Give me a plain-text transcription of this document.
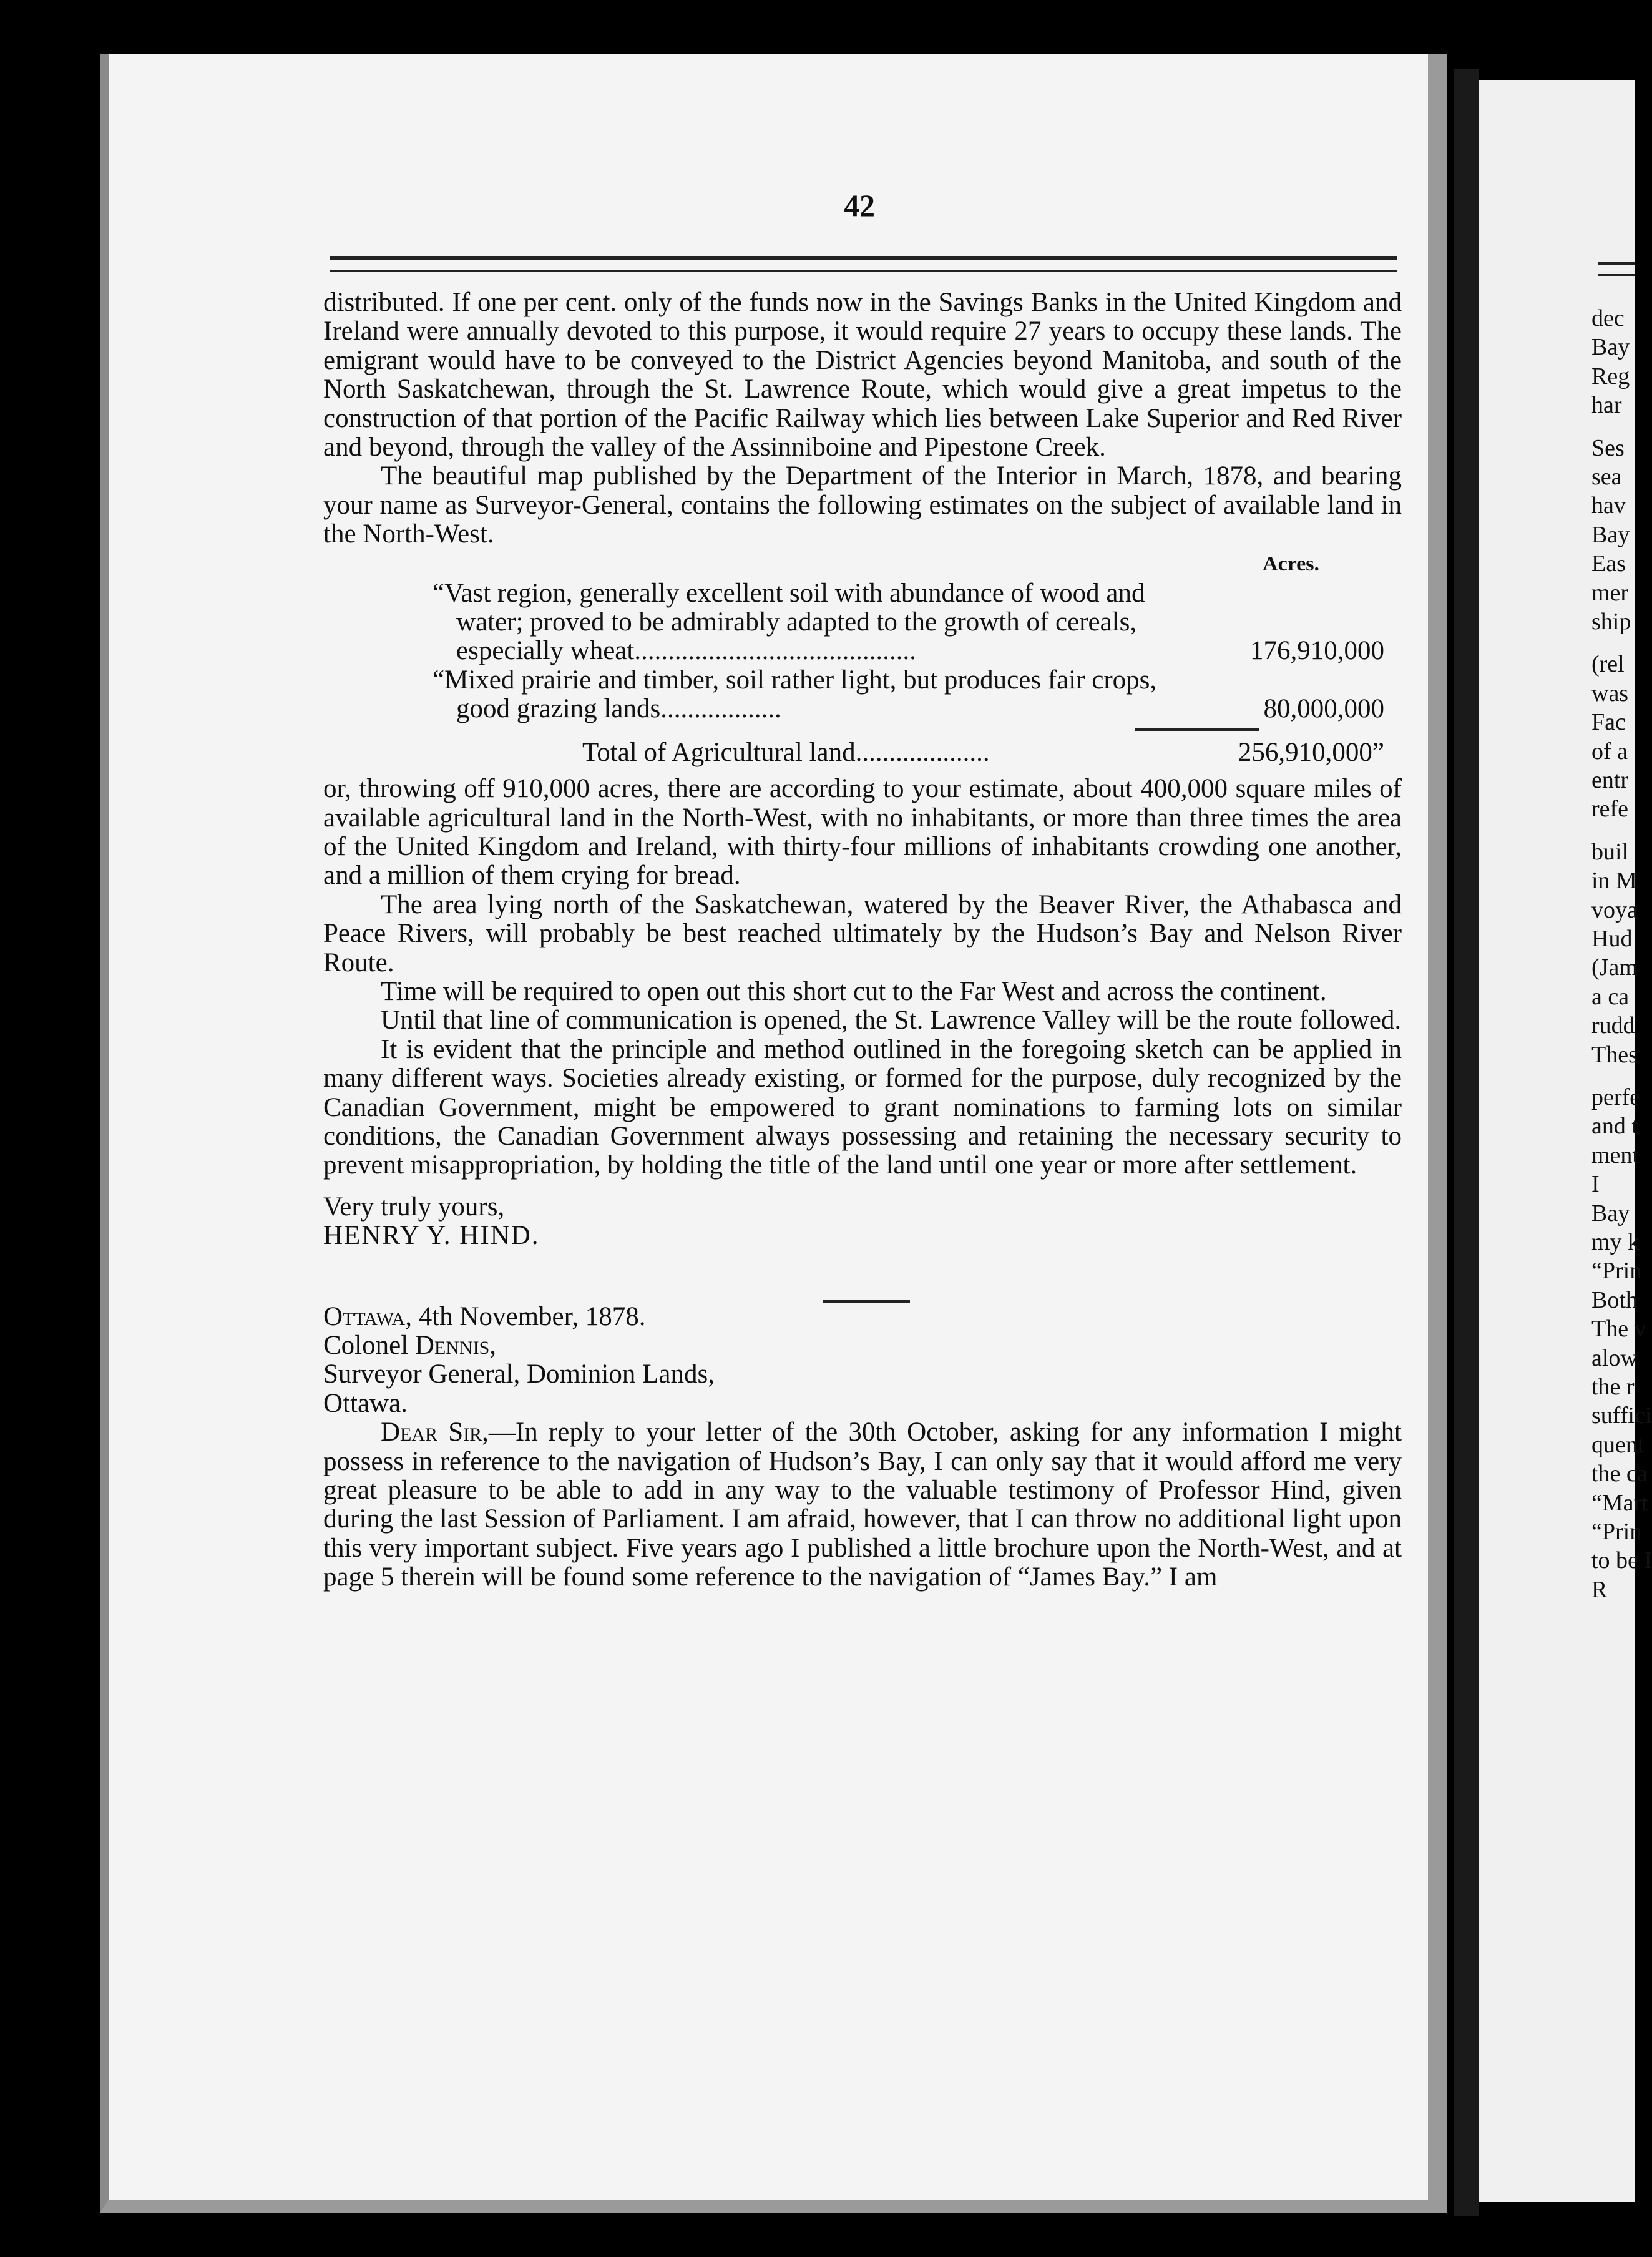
dec
Bay
Reg
har
Ses
sea
hav
Bay
Eas
mer
ship
(rel
was
Fac
of a
entr
refe
buil
in M
voya
Hud
(Jam
a ca
rudd
Thes
perfe
and t
ment
I
Bay
my k
“Prin
Both
The v
alow
the r
suffici
quent
the ca
“Mart
“Prin
to be I
R
42

distributed. If one per cent. only of the funds now in the Savings Banks in the United Kingdom and Ireland were annually devoted to this purpose, it would require 27 years to occupy these lands. The emigrant would have to be conveyed to the District Agencies beyond Manitoba, and south of the North Saskatchewan, through the St. Lawrence Route, which would give a great impetus to the construction of that portion of the Pacific Railway which lies between Lake Superior and Red River and beyond, through the valley of the Assinniboine and Pipestone Creek.

The beautiful map published by the Department of the Interior in March, 1878, and bearing your name as Surveyor-General, contains the following estimates on the subject of available land in the North-West.

Acres.
“Vast region, generally excellent soil with abundance of wood and water; proved to be admirably adapted to the growth of cereals, especially wheat..........................................	176,910,000
“Mixed prairie and timber, soil rather light, but produces fair crops, good grazing lands..................	80,000,000
Total of Agricultural land....................	256,910,000”

or, throwing off 910,000 acres, there are according to your estimate, about 400,000 square miles of available agricultural land in the North-West, with no inhabitants, or more than three times the area of the United Kingdom and Ireland, with thirty-four millions of inhabitants crowding one another, and a million of them crying for bread.

The area lying north of the Saskatchewan, watered by the Beaver River, the Athabasca and Peace Rivers, will probably be best reached ultimately by the Hudson’s Bay and Nelson River Route.

Time will be required to open out this short cut to the Far West and across the continent.

Until that line of communication is opened, the St. Lawrence Valley will be the route followed.

It is evident that the principle and method outlined in the foregoing sketch can be applied in many different ways. Societies already existing, or formed for the purpose, duly recognized by the Canadian Government, might be empowered to grant nominations to farming lots on similar conditions, the Canadian Government always possessing and retaining the necessary security to prevent misappropriation, by holding the title of the land until one year or more after settlement.

Very truly yours,

HENRY Y. HIND.

Ottawa, 4th November, 1878.

Colonel Dennis,

Surveyor General, Dominion Lands,

Ottawa.

Dear Sir,—In reply to your letter of the 30th October, asking for any information I might possess in reference to the navigation of Hudson’s Bay, I can only say that it would afford me very great pleasure to be able to add in any way to the valuable testimony of Professor Hind, given during the last Session of Parliament. I am afraid, however, that I can throw no additional light upon this very important subject. Five years ago I published a little brochure upon the North-West, and at page 5 therein will be found some reference to the navigation of “James Bay.” I am
